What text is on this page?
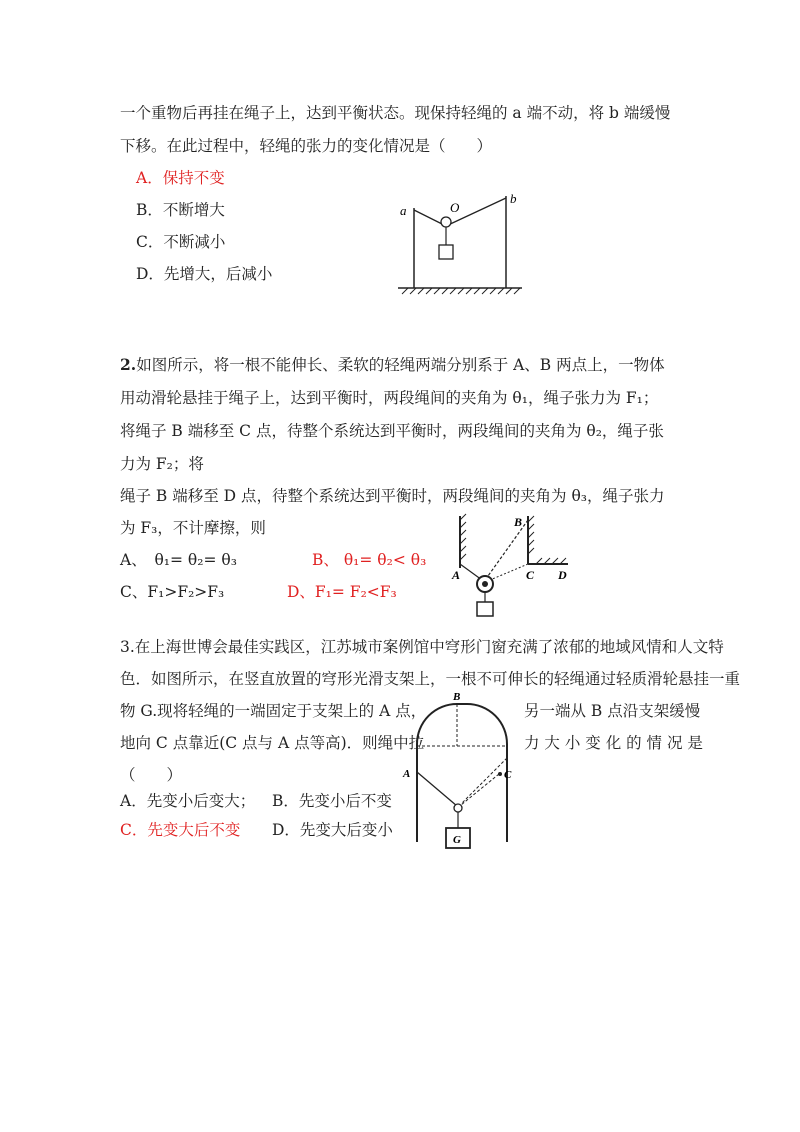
一个重物后再挂在绳子上，达到平衡状态。现保持轻绳的 a 端不动，将 b 端缓慢
下移。在此过程中，轻绳的张力的变化情况是（　　）
A．保持不变
B．不断增大
C．不断减小
D．先增大，后减小
a
b
O
2.如图所示，将一根不能伸长、柔软的轻绳两端分别系于 A、B 两点上，一物体
用动滑轮悬挂于绳子上，达到平衡时，两段绳间的夹角为 θ₁，绳子张力为 F₁；
将绳子 B 端移至 C 点，待整个系统达到平衡时，两段绳间的夹角为 θ₂，绳子张
力为 F₂；将
绳子 B 端移至 D 点，待整个系统达到平衡时，两段绳间的夹角为 θ₃，绳子张力
为 F₃，不计摩擦，则
A、　θ₁= θ₂= θ₃	B、 θ₁= θ₂< θ₃
C、F₁>F₂>F₃	D、F₁= F₂<F₃
A
B
C D
3.在上海世博会最佳实践区，江苏城市案例馆中穹形门窗充满了浓郁的地域风情和人文特
色．如图所示，在竖直放置的穹形光滑支架上，一根不可伸长的轻绳通过轻质滑轮悬挂一重
物 G.现将轻绳的一端固定于支架上的 A 点，	另一端从 B 点沿支架缓慢
地向 C 点靠近(C 点与 A 点等高)．则绳中拉	力 大 小 变 化 的 情 况 是
（　　）
A．先变小后变大； B．先变小后不变
C．先变大后不变 D．先变大后变小
G
B
A	C
